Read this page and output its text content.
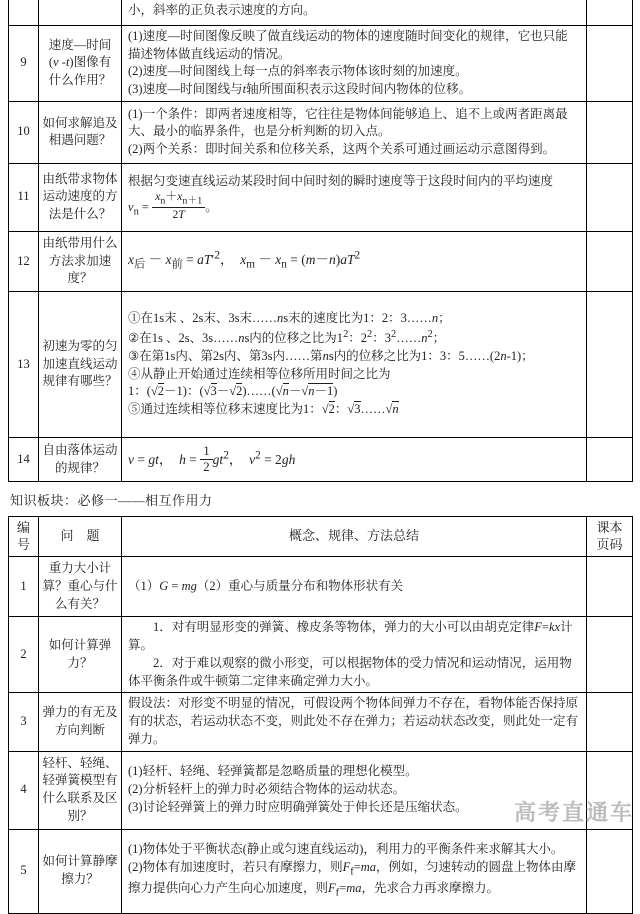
		小，斜率的正负表示速度的方向。	
9	速度—时间
(v -t)图像有
什么作用？	(1)速度—时间图像反映了做直线运动的物体的速度随时间变化的规律，它也只能描述物体做直线运动的情况。
(2)速度—时间图线上每一点的斜率表示物体该时刻的加速度。
(3)速度—时间图线与t轴所围面积表示这段时间内物体的位移。	
10	如何求解追及相遇问题？	(1)一个条件：即两者速度相等，它往往是物体间能够追上、追不上或两者距离最大、最小的临界条件，也是分析判断的切入点。
(2)两个关系：即时间关系和位移关系，这两个关系可通过画运动示意图得到。	
11	由纸带求物体运动速度的方法是什么？	根据匀变速直线运动某段时间中间时刻的瞬时速度等于这段时间内的平均速度
$v_n = \frac{x_n+x_{n+1}}{2T}$ 。	
12	由纸带用什么方法求加速度？	$x_后 - x_前 = aT'^2$，　$x_m - x_n = (m-n)aT^2$	
13	初速为零的匀加速直线运动规律有哪些？	①在1s末 、2s末、3s末……ns末的速度比为1：2：3……n；
②在1s 、2s、3s……ns内的位移之比为$1^2$：$2^2$：$3^2\dots\dots n^2$；
③在第1s内、第2s内、第3s内……第ns内的位移之比为1：3：5……(2n-1)；
④从静止开始通过连续相等位移所用时间之比为
1：(√2－1)：(√3－√2)……(√n－√n－1)
⑤通过连续相等位移末速度比为1：√2：√3……√n	
14	自由落体运动的规律？	v = gt，　$h = \frac{1}{2} gt^2$，　$v^2 = 2gh$	
知识板块：必修一——相互作用力
编号	问　题	概念、规律、方法总结	课本
页码
1	重力大小计算？重心与什么有关？	（1）G = mg（2）重心与质量分布和物体形状有关	
2	如何计算弹力？	　　1．对有明显形变的弹簧、橡皮条等物体，弹力的大小可以由胡克定律F=kx计算。
　　2．对于难以观察的微小形变，可以根据物体的受力情况和运动情况，运用物体平衡条件或牛顿第二定律来确定弹力大小。	
3	弹力的有无及方向判断	假设法：对形变不明显的情况，可假设两个物体间弹力不存在，看物体能否保持原有的状态，若运动状态不变，则此处不存在弹力；若运动状态改变，则此处一定有弹力。	
4	轻杆、轻绳、轻弹簧模型有什么联系及区别？	(1)轻杆、轻绳、轻弹簧都是忽略质量的理想化模型。
(2)分析轻杆上的弹力时必须结合物体的运动状态。
(3)讨论轻弹簧上的弹力时应明确弹簧处于伸长还是压缩状态。	
5	如何计算静摩擦力？	(1)物体处于平衡状态(静止或匀速直线运动)，利用力的平衡条件来求解其大小。
(2)物体有加速度时，若只有摩擦力，则$F_f=ma$，例如，匀速转动的圆盘上物体由摩擦力提供向心力产生向心加速度，则$F_f=ma$，先求合力再求摩擦力。	
高考直通车
